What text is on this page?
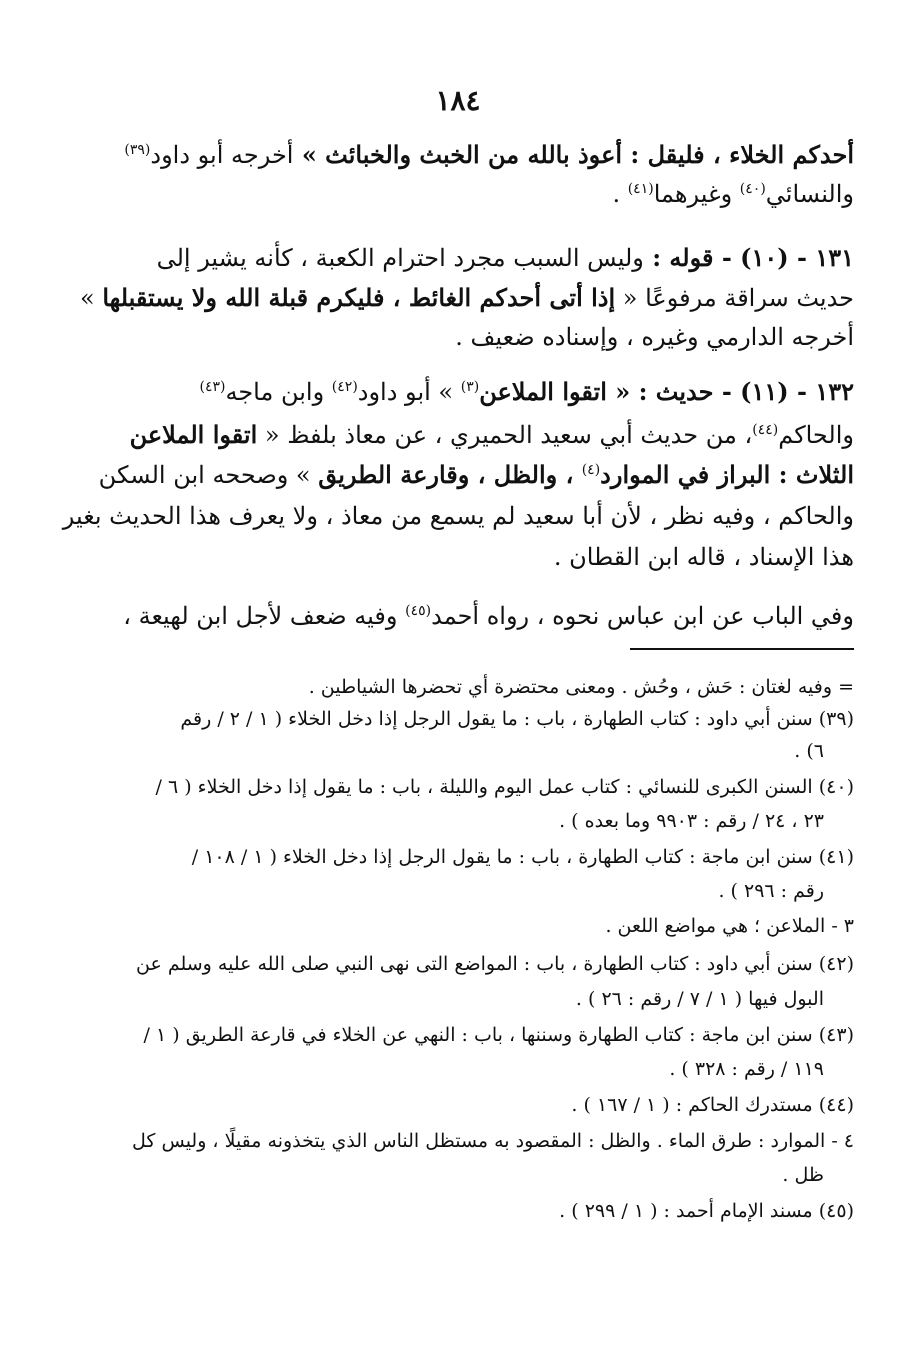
١٨٤
أحدكم الخلاء ، فليقل : أعوذ بالله من الخبث والخبائث » أخرجه أبو داود$^{(٣٩)}$
والنسائي$^{(٤٠)}$ وغيرهما$^{(٤١)}$ .
١٣١ - (١٠) - قوله : وليس السبب مجرد احترام الكعبة ، كأنه يشير إلى
حديث سراقة مرفوعًا « إذا أتى أحدكم الغائط ، فليكرم قبلة الله ولا يستقبلها »
أخرجه الدارمي وغيره ، وإسناده ضعيف .
١٣٢ - (١١) - حديث : « اتقوا الملاعن$^{(٣)}$ » أبو داود$^{(٤٢)}$ وابن ماجه$^{(٤٣)}$
والحاكم$^{(٤٤)}$، من حديث أبي سعيد الحميري ، عن معاذ بلفظ « اتقوا الملاعن
الثلاث : البراز في الموارد$^{(٤)}$ ، والظل ، وقارعة الطريق » وصححه ابن السكن
والحاكم ، وفيه نظر ، لأن أبا سعيد لم يسمع من معاذ ، ولا يعرف هذا الحديث بغير
هذا الإسناد ، قاله ابن القطان .
وفي الباب عن ابن عباس نحوه ، رواه أحمد$^{(٤٥)}$ وفيه ضعف لأجل ابن لهيعة ،
= وفيه لغتان : حَش ، وحُش . ومعنى محتضرة أي تحضرها الشياطين .
(٣٩) سنن أبي داود : كتاب الطهارة ، باب : ما يقول الرجل إذا دخل الخلاء ( ١ / ٢ / رقم
٦) .
(٤٠) السنن الكبرى للنسائي : كتاب عمل اليوم والليلة ، باب : ما يقول إذا دخل الخلاء ( ٦ /
٢٣ ، ٢٤ / رقم : ٩٩٠٣ وما بعده ) .
(٤١) سنن ابن ماجة : كتاب الطهارة ، باب : ما يقول الرجل إذا دخل الخلاء ( ١ / ١٠٨ /
رقم : ٢٩٦ ) .
٣ - الملاعن ؛ هي مواضع اللعن .
(٤٢) سنن أبي داود : كتاب الطهارة ، باب : المواضع التى نهى النبي صلى الله عليه وسلم عن
البول فيها ( ١ / ٧ / رقم : ٢٦ ) .
(٤٣) سنن ابن ماجة : كتاب الطهارة وسننها ، باب : النهي عن الخلاء في قارعة الطريق ( ١ /
١١٩ / رقم : ٣٢٨ ) .
(٤٤) مستدرك الحاكم : ( ١ / ١٦٧ ) .
٤ - الموارد : طرق الماء . والظل : المقصود به مستظل الناس الذي يتخذونه مقيلًا ، وليس كل
ظل .
(٤٥) مسند الإمام أحمد : ( ١ / ٢٩٩ ) .
